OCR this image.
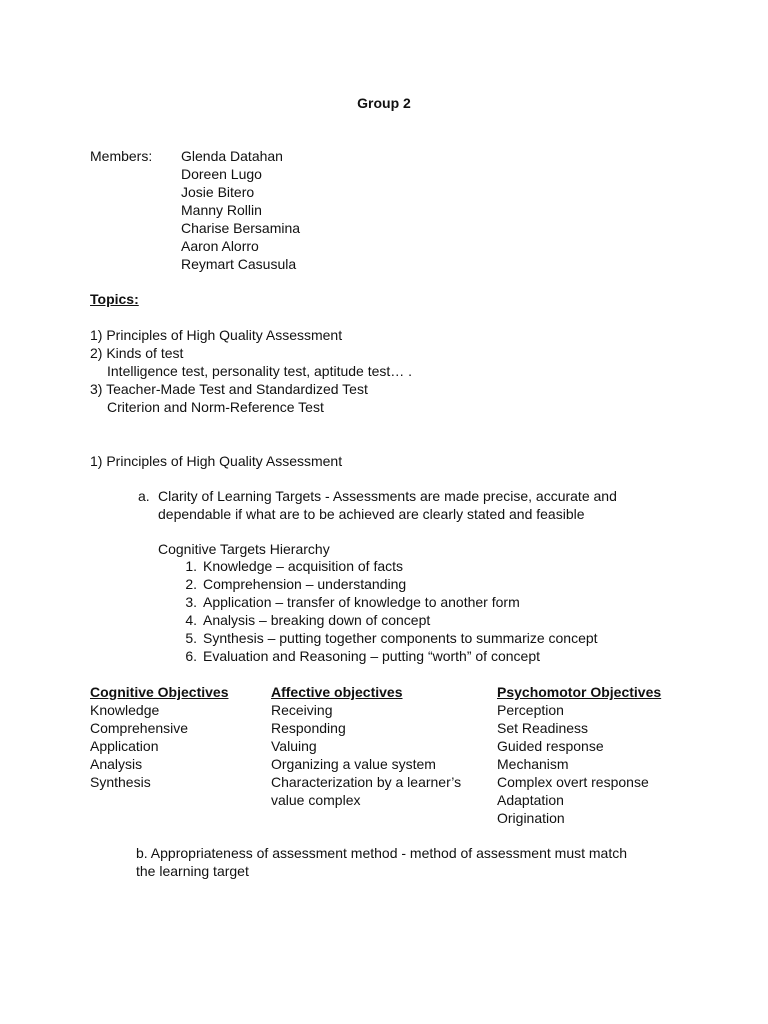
Group 2
Members: Glenda Datahan
Doreen Lugo
Josie Bitero
Manny Rollin
Charise Bersamina
Aaron Alorro
Reymart Casusula
Topics:
1) Principles of High Quality Assessment
2) Kinds of test
Intelligence test, personality test, aptitude test… .
3) Teacher-Made Test and Standardized Test
Criterion and Norm-Reference Test
1) Principles of High Quality Assessment
a. Clarity of Learning Targets - Assessments are made precise, accurate and
dependable if what are to be achieved are clearly stated and feasible
Cognitive Targets Hierarchy
1. Knowledge – acquisition of facts
2. Comprehension – understanding
3. Application – transfer of knowledge to another form
4. Analysis – breaking down of concept
5. Synthesis – putting together components to summarize concept
6. Evaluation and Reasoning – putting “worth” of concept
Cognitive Objectives
Knowledge
Comprehensive
Application
Analysis
Synthesis
Affective objectives
Receiving
Responding
Valuing
Organizing a value system
Characterization by a learner’s
value complex
Psychomotor Objectives
Perception
Set Readiness
Guided response
Mechanism
Complex overt response
Adaptation
Origination
b. Appropriateness of assessment method - method of assessment must match
the learning target
